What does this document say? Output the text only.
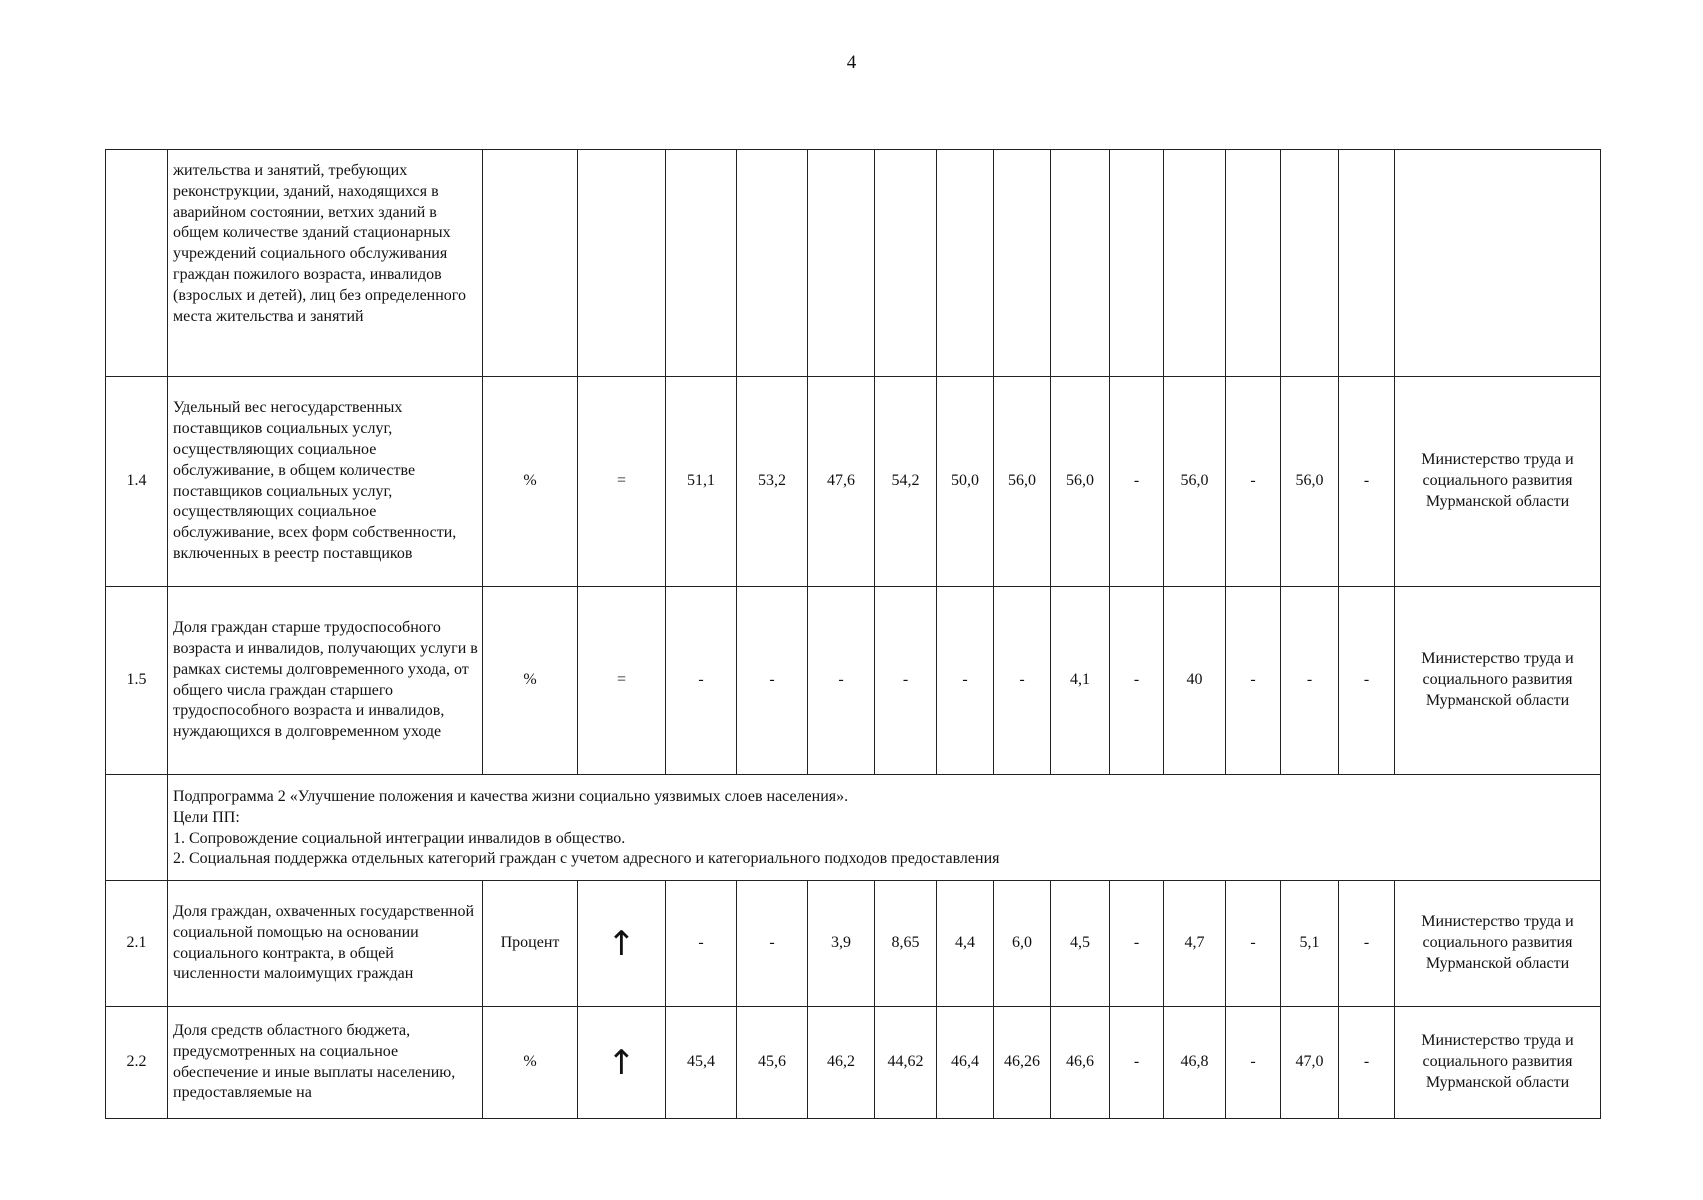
4
	жительства и занятий, требующих реконструкции, зданий, находящихся в аварийном состоянии, ветхих зданий в общем количестве зданий стационарных учреждений социального обслуживания граждан пожилого возраста, инвалидов (взрослых и детей), лиц без определенного места жительства и занятий															
1.4	Удельный вес негосударственных поставщиков социальных услуг, осуществляющих социальное обслуживание, в общем количестве поставщиков социальных услуг, осуществляющих социальное обслуживание, всех форм собственности, включенных в реестр поставщиков	%	=	51,1	53,2	47,6	54,2	50,0	56,0	56,0	-	56,0	-	56,0	-	Министерство труда и социального развития Мурманской области
1.5	Доля граждан старше трудоспособного возраста и инвалидов, получающих услуги в рамках системы долговременного ухода, от общего числа граждан старшего трудоспособного возраста и инвалидов, нуждающихся в долговременном уходе	%	=	-	-	-	-	-	-	4,1	-	40	-	-	-	Министерство труда и социального развития Мурманской области

	Подпрограмма 2 «Улучшение положения и качества жизни социально уязвимых слоев населения».
Цели ПП:
1. Сопровождение социальной интеграции инвалидов в общество.
2. Социальная поддержка отдельных категорий граждан с учетом адресного и категориального подходов предоставления															

2.1	Доля граждан, охваченных государственной социальной помощью на основании социального контракта, в общей численности малоимущих граждан	Процент	↑	-	-	3,9	8,65	4,4	6,0	4,5	-	4,7	-	5,1	-	Министерство труда и социального развития Мурманской области
2.2	Доля средств областного бюджета, предусмотренных на социальное обеспечение и иные выплаты населению, предоставляемые на	%	↑	45,4	45,6	46,2	44,62	46,4	46,26	46,6	-	46,8	-	47,0	-	Министерство труда и социального развития Мурманской области
